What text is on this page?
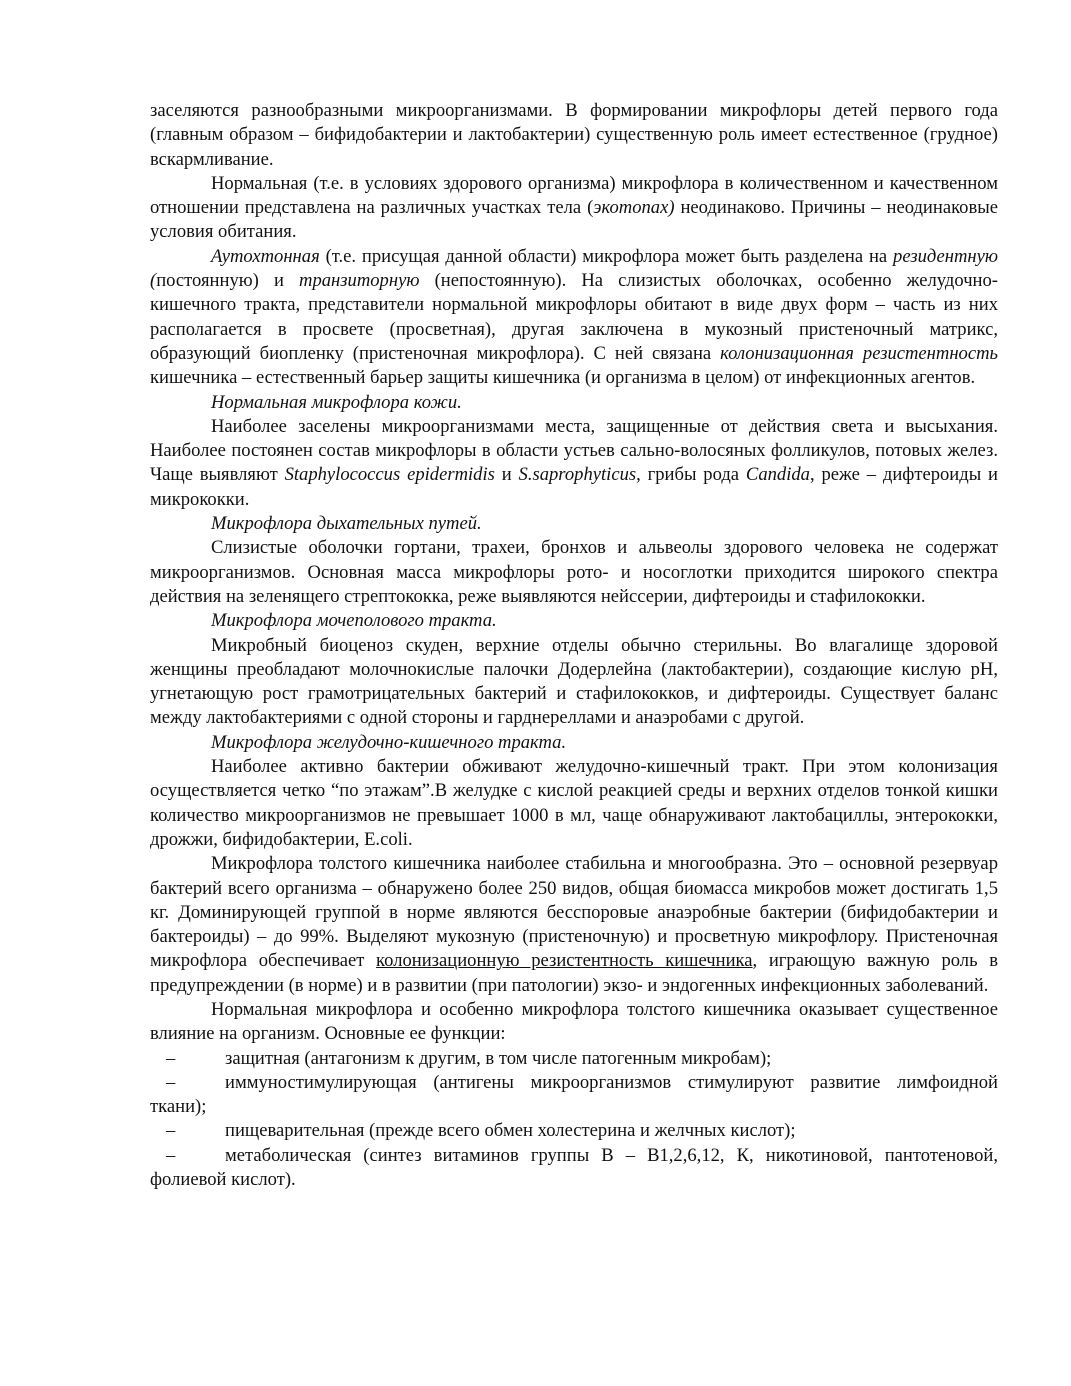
заселяются разнообразными микроорганизмами. В формировании микрофлоры детей первого года (главным образом – бифидобактерии и лактобактерии) существенную роль имеет естественное (грудное) вскармливание.

Нормальная (т.е. в условиях здорового организма) микрофлора в количественном и качественном отношении представлена на различных участках тела (экотопах) неодинаково. Причины – неодинаковые условия обитания.

Аутохтонная (т.е. присущая данной области) микрофлора может быть разделена на резидентную (постоянную) и транзиторную (непостоянную). На слизистых оболочках, особенно желудочно-кишечного тракта, представители нормальной микрофлоры обитают в виде двух форм – часть из них располагается в просвете (просветная), другая заключена в мукозный пристеночный матрикс, образующий биопленку (пристеночная микрофлора). С ней связана колонизационная резистентность кишечника – естественный барьер защиты кишечника (и организма в целом) от инфекционных агентов.

Нормальная микрофлора кожи.

Наиболее заселены микроорганизмами места, защищенные от действия света и высыхания. Наиболее постоянен состав микрофлоры в области устьев сально-волосяных фолликулов, потовых желез. Чаще выявляют Staphylococcus epidermidis и S.saprophyticus, грибы рода Candida, реже – дифтероиды и микрококки.

Микрофлора дыхательных путей.

Слизистые оболочки гортани, трахеи, бронхов и альвеолы здорового человека не содержат микроорганизмов. Основная масса микрофлоры рото- и носоглотки приходится широкого спектра действия на зеленящего стрептококка, реже выявляются нейссерии, дифтероиды и стафилококки.

Микрофлора мочеполового тракта.

Микробный биоценоз скуден, верхние отделы обычно стерильны. Во влагалище здоровой женщины преобладают молочнокислые палочки Додерлейна (лактобактерии), создающие кислую pH, угнетающую рост грамотрицательных бактерий и стафилококков, и дифтероиды. Существует баланс между лактобактериями с одной стороны и гарднереллами и анаэробами с другой.

Микрофлора желудочно-кишечного тракта.

Наиболее активно бактерии обживают желудочно-кишечный тракт. При этом колонизация осуществляется четко “по этажам”.В желудке с кислой реакцией среды и верхних отделов тонкой кишки количество микроорганизмов не превышает 1000 в мл, чаще обнаруживают лактобациллы, энтерококки, дрожжи, бифидобактерии, E.coli.

Микрофлора толстого кишечника наиболее стабильна и многообразна. Это – основной резервуар бактерий всего организма – обнаружено более 250 видов, общая биомасса микробов может достигать 1,5 кг. Доминирующей группой в норме являются бесспоровые анаэробные бактерии (бифидобактерии и бактероиды) – до 99%. Выделяют мукозную (пристеночную) и просветную микрофлору. Пристеночная микрофлора обеспечивает колонизационную резистентность кишечника, играющую важную роль в предупреждении (в норме) и в развитии (при патологии) экзо- и эндогенных инфекционных заболеваний.

Нормальная микрофлора и особенно микрофлора толстого кишечника оказывает существенное влияние на организм. Основные ее функции:

–	защитная (антагонизм к другим, в том числе патогенным микробам);

–	иммуностимулирующая (антигены микроорганизмов стимулируют развитие лимфоидной ткани);

–	пищеварительная (прежде всего обмен холестерина и желчных кислот);

–	метаболическая (синтез витаминов группы В – В1,2,6,12, К, никотиновой, пантотеновой, фолиевой кислот).
